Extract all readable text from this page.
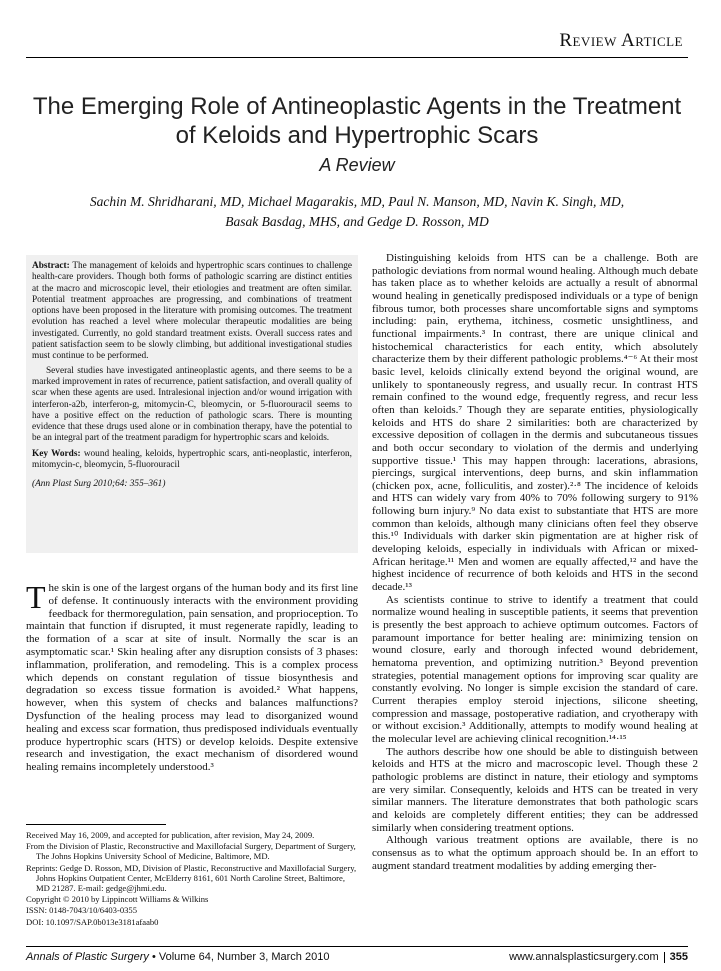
Review Article
The Emerging Role of Antineoplastic Agents in the Treatment of Keloids and Hypertrophic Scars
A Review
Sachin M. Shridharani, MD, Michael Magarakis, MD, Paul N. Manson, MD, Navin K. Singh, MD,
Basak Basdag, MHS, and Gedge D. Rosson, MD

Abstract: The management of keloids and hypertrophic scars continues to challenge health-care providers. Though both forms of pathologic scarring are distinct entities at the macro and microscopic level, their etiologies and treatment are often similar. Potential treatment approaches are progressing, and combinations of treatment options have been proposed in the literature with promising outcomes. The treatment evolution has reached a level where molecular therapeutic modalities are being investigated. Currently, no gold standard treatment exists. Overall success rates and patient satisfaction seem to be slowly climbing, but additional investigational studies must continue to be performed.

Several studies have investigated antineoplastic agents, and there seems to be a marked improvement in rates of recurrence, patient satisfaction, and overall quality of scar when these agents are used. Intralesional injection and/or wound irrigation with interferon-a2b, interferon-g, mitomycin-C, bleomycin, or 5-fluorouracil seems to have a positive effect on the reduction of pathologic scars. There is mounting evidence that these drugs used alone or in combination therapy, have the potential to be an integral part of the treatment paradigm for hypertrophic scars and keloids.

Key Words: wound healing, keloids, hypertrophic scars, anti-neoplastic, interferon, mitomycin-c, bleomycin, 5-fluorouracil

(Ann Plast Surg 2010;64: 355–361)

The skin is one of the largest organs of the human body and its first line of defense. It continuously interacts with the environment providing feedback for thermoregulation, pain sensation, and proprioception. To maintain that function if disrupted, it must regenerate rapidly, leading to the formation of a scar at site of insult. Normally the scar is an asymptomatic scar.¹ Skin healing after any disruption consists of 3 phases: inflammation, proliferation, and remodeling. This is a complex process which depends on constant regulation of tissue biosynthesis and degradation so excess tissue formation is avoided.² What happens, however, when this system of checks and balances malfunctions? Dysfunction of the healing process may lead to disorganized wound healing and excess scar formation, thus predisposed individuals eventually produce hypertrophic scars (HTS) or develop keloids. Despite extensive research and investigation, the exact mechanism of disordered wound healing remains incompletely understood.³

Received May 16, 2009, and accepted for publication, after revision, May 24, 2009.

From the Division of Plastic, Reconstructive and Maxillofacial Surgery, Department of Surgery, The Johns Hopkins University School of Medicine, Baltimore, MD.

Reprints: Gedge D. Rosson, MD, Division of Plastic, Reconstructive and Maxillofacial Surgery, Johns Hopkins Outpatient Center, McElderry 8161, 601 North Caroline Street, Baltimore, MD 21287. E-mail: gedge@jhmi.edu.

Copyright © 2010 by Lippincott Williams & Wilkins

ISSN: 0148-7043/10/6403-0355

DOI: 10.1097/SAP.0b013e3181afaab0

Distinguishing keloids from HTS can be a challenge. Both are pathologic deviations from normal wound healing. Although much debate has taken place as to whether keloids are actually a result of abnormal wound healing in genetically predisposed individuals or a type of benign fibrous tumor, both processes share uncomfortable signs and symptoms including: pain, erythema, itchiness, cosmetic unsightliness, and functional impairments.³ In contrast, there are unique clinical and histochemical characteristics for each entity, which absolutely characterize them by their different pathologic problems.⁴⁻⁶ At their most basic level, keloids clinically extend beyond the original wound, are unlikely to spontaneously regress, and usually recur. In contrast HTS remain confined to the wound edge, frequently regress, and recur less often than keloids.⁷ Though they are separate entities, physiologically keloids and HTS do share 2 similarities: both are characterized by excessive deposition of collagen in the dermis and subcutaneous tissues and both occur secondary to violation of the dermis and underlying supportive tissue.¹ This may happen through: lacerations, abrasions, piercings, surgical interventions, deep burns, and skin inflammation (chicken pox, acne, folliculitis, and zoster).²·⁸ The incidence of keloids and HTS can widely vary from 40% to 70% following surgery to 91% following burn injury.⁹ No data exist to substantiate that HTS are more common than keloids, although many clinicians often feel they observe this.¹⁰ Individuals with darker skin pigmentation are at higher risk of developing keloids, especially in individuals with African or mixed-African heritage.¹¹ Men and women are equally affected,¹² and have the highest incidence of recurrence of both keloids and HTS in the second decade.¹³

As scientists continue to strive to identify a treatment that could normalize wound healing in susceptible patients, it seems that prevention is presently the best approach to achieve optimum outcomes. Factors of paramount importance for better healing are: minimizing tension on wound closure, early and thorough infected wound debridement, hematoma prevention, and optimizing nutrition.³ Beyond prevention strategies, potential management options for improving scar quality are constantly evolving. No longer is simple excision the standard of care. Current therapies employ steroid injections, silicone sheeting, compression and massage, postoperative radiation, and cryotherapy with or without excision.³ Additionally, attempts to modify wound healing at the molecular level are achieving clinical recognition.¹⁴·¹⁵

The authors describe how one should be able to distinguish between keloids and HTS at the micro and macroscopic level. Though these 2 pathologic problems are distinct in nature, their etiology and symptoms are very similar. Consequently, keloids and HTS can be treated in very similar manners. The literature demonstrates that both pathologic scars and keloids are completely different entities; they can be addressed similarly when considering treatment options.

Although various treatment options are available, there is no consensus as to what the optimum approach should be. In an effort to augment standard treatment modalities by adding emerging ther-

Annals of Plastic Surgery • Volume 64, Number 3, March 2010	www.annalsplasticsurgery.com 355
